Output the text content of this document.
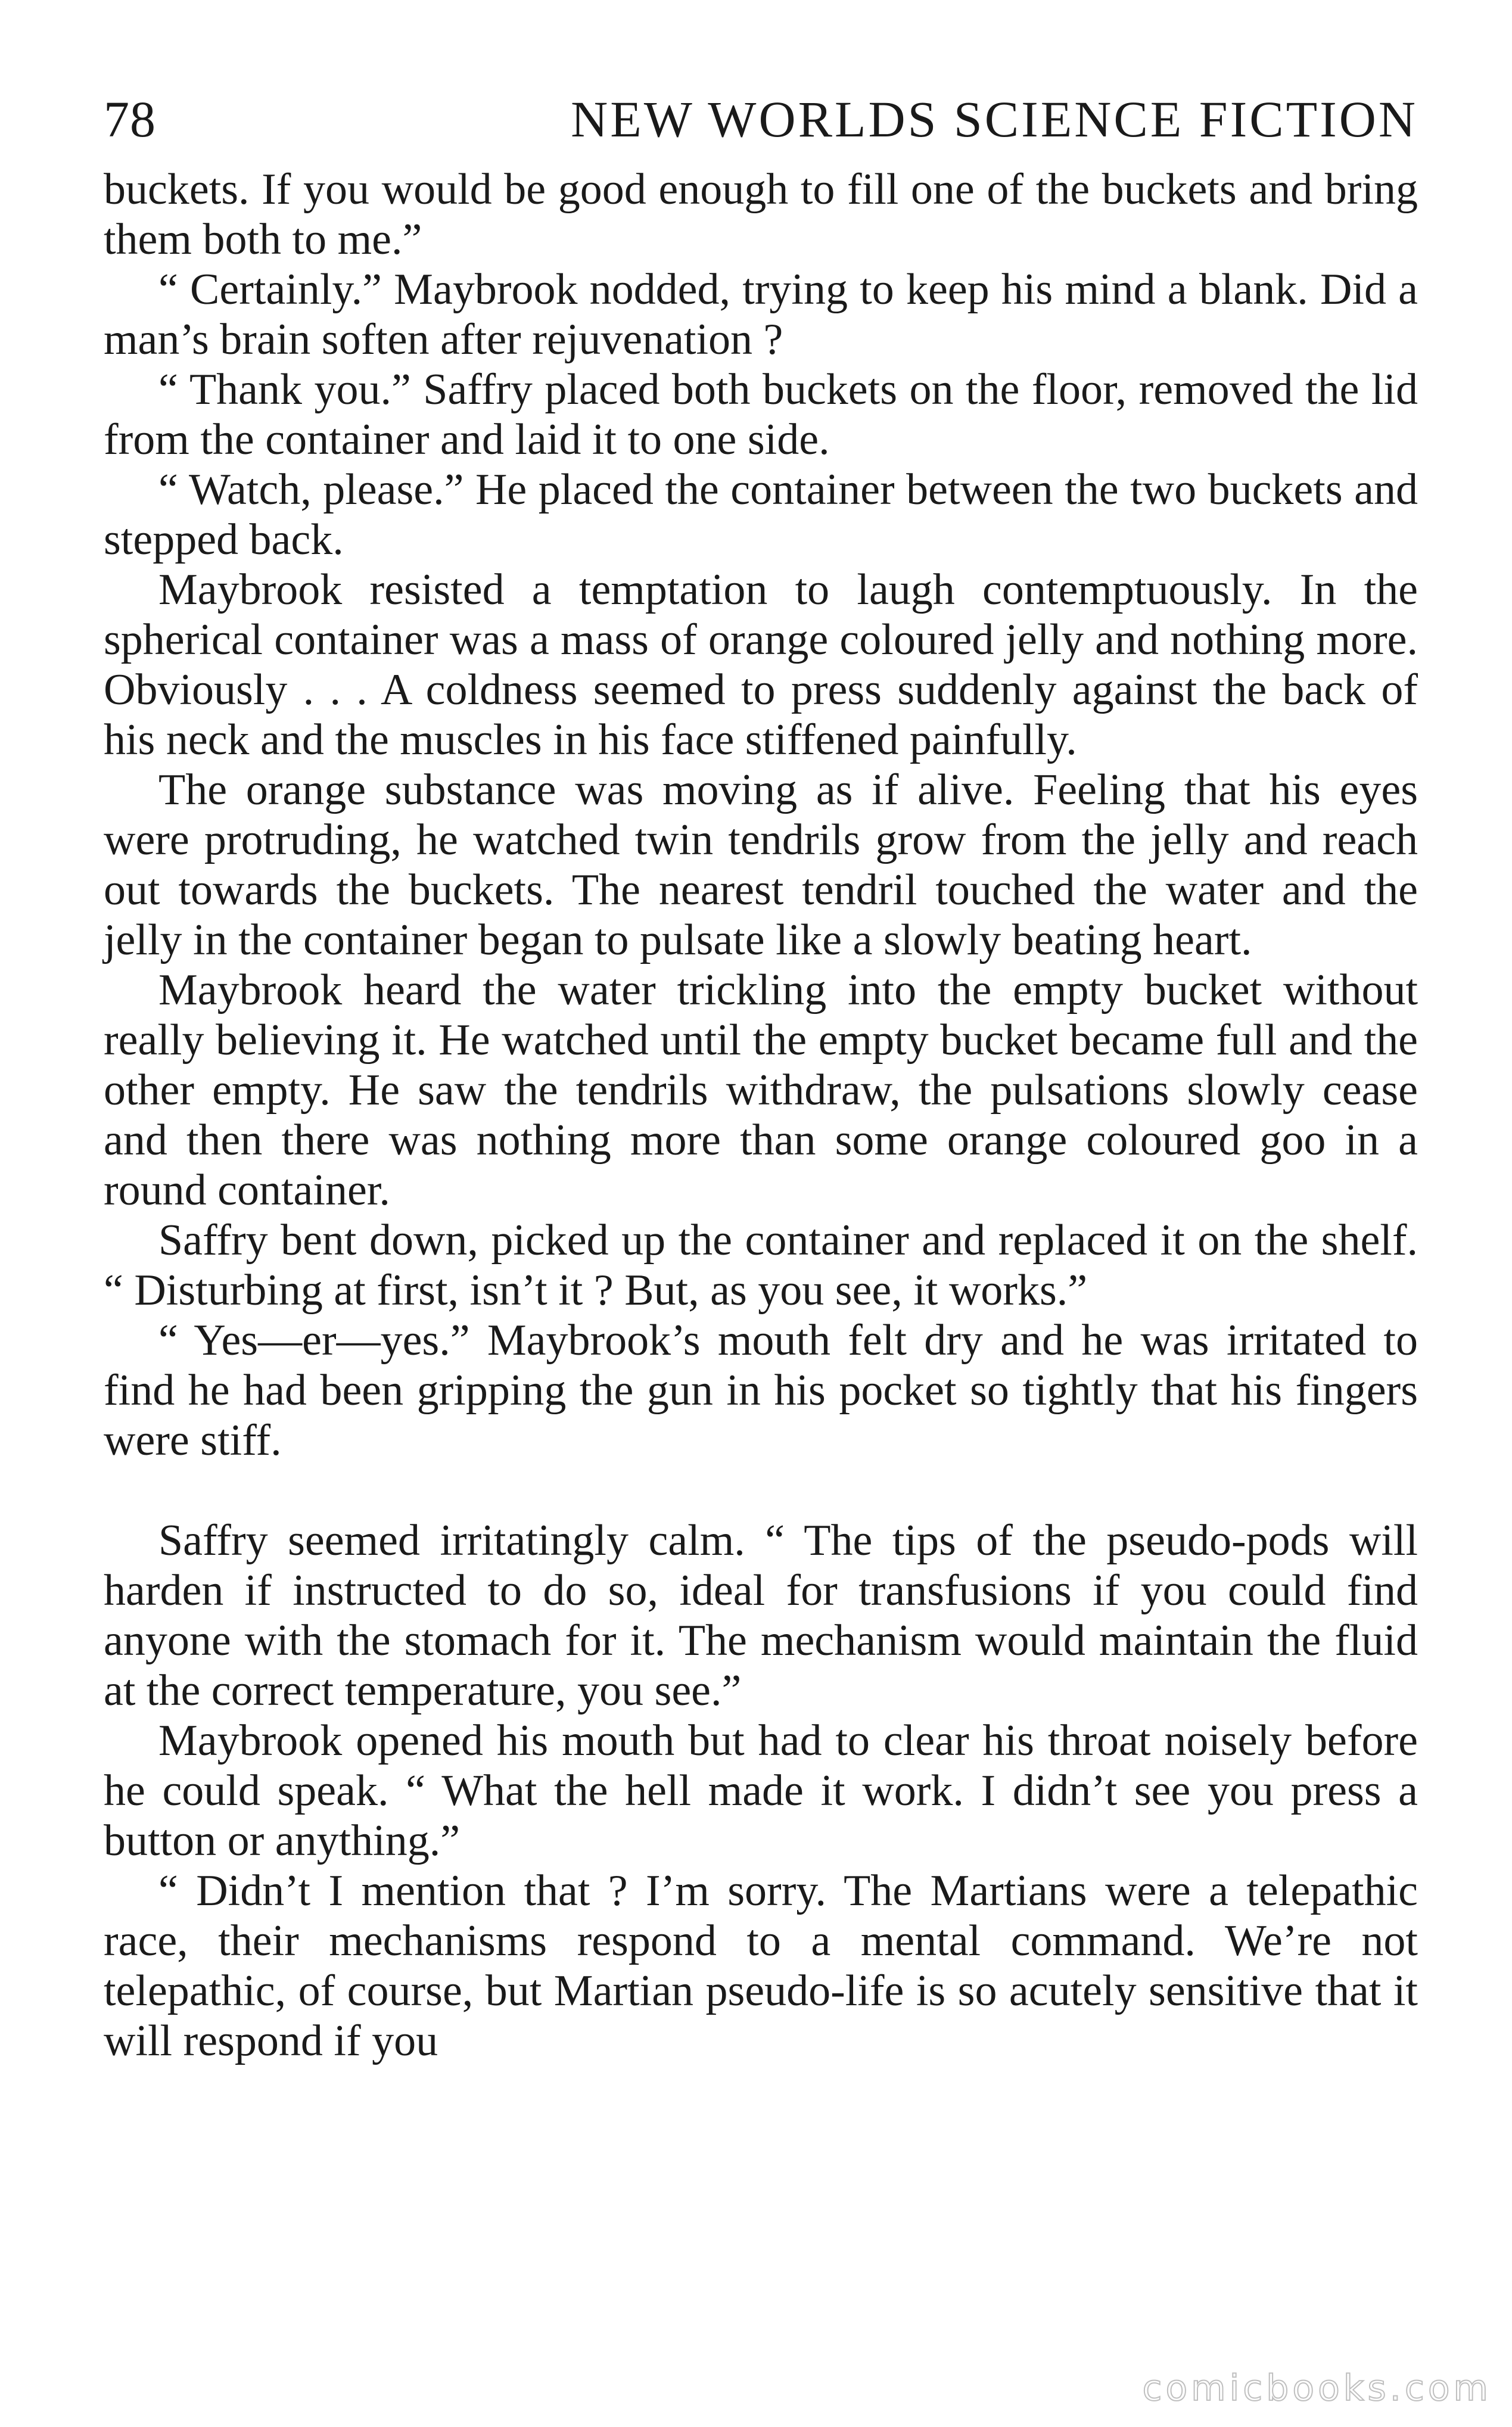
78	NEW WORLDS SCIENCE FICTION

buckets. If you would be good enough to fill one of the buckets and bring them both to me.”

“ Certainly.” Maybrook nodded, trying to keep his mind a blank. Did a man’s brain soften after rejuvenation ?

“ Thank you.” Saffry placed both buckets on the floor, removed the lid from the container and laid it to one side.

“ Watch, please.” He placed the container between the two buckets and stepped back.

Maybrook resisted a temptation to laugh contemptuously. In the spherical container was a mass of orange coloured jelly and nothing more. Obviously . . . A coldness seemed to press suddenly against the back of his neck and the muscles in his face stiffened painfully.

The orange substance was moving as if alive. Feeling that his eyes were protruding, he watched twin tendrils grow from the jelly and reach out towards the buckets. The nearest tendril touched the water and the jelly in the container began to pulsate like a slowly beating heart.

Maybrook heard the water trickling into the empty bucket without really believing it. He watched until the empty bucket became full and the other empty. He saw the tendrils withdraw, the pulsations slowly cease and then there was nothing more than some orange coloured goo in a round container.

Saffry bent down, picked up the container and replaced it on the shelf. “ Disturbing at first, isn’t it ? But, as you see, it works.”

“ Yes—er—yes.” Maybrook’s mouth felt dry and he was irritated to find he had been gripping the gun in his pocket so tightly that his fingers were stiff.

Saffry seemed irritatingly calm. “ The tips of the pseudo-pods will harden if instructed to do so, ideal for transfusions if you could find anyone with the stomach for it. The mechanism would maintain the fluid at the correct temperature, you see.”

Maybrook opened his mouth but had to clear his throat noisely before he could speak. “ What the hell made it work. I didn’t see you press a button or anything.”

“ Didn’t I mention that ? I’m sorry. The Martians were a telepathic race, their mechanisms respond to a mental command. We’re not telepathic, of course, but Martian pseudo-life is so acutely sensitive that it will respond if you

comicbooks.com
